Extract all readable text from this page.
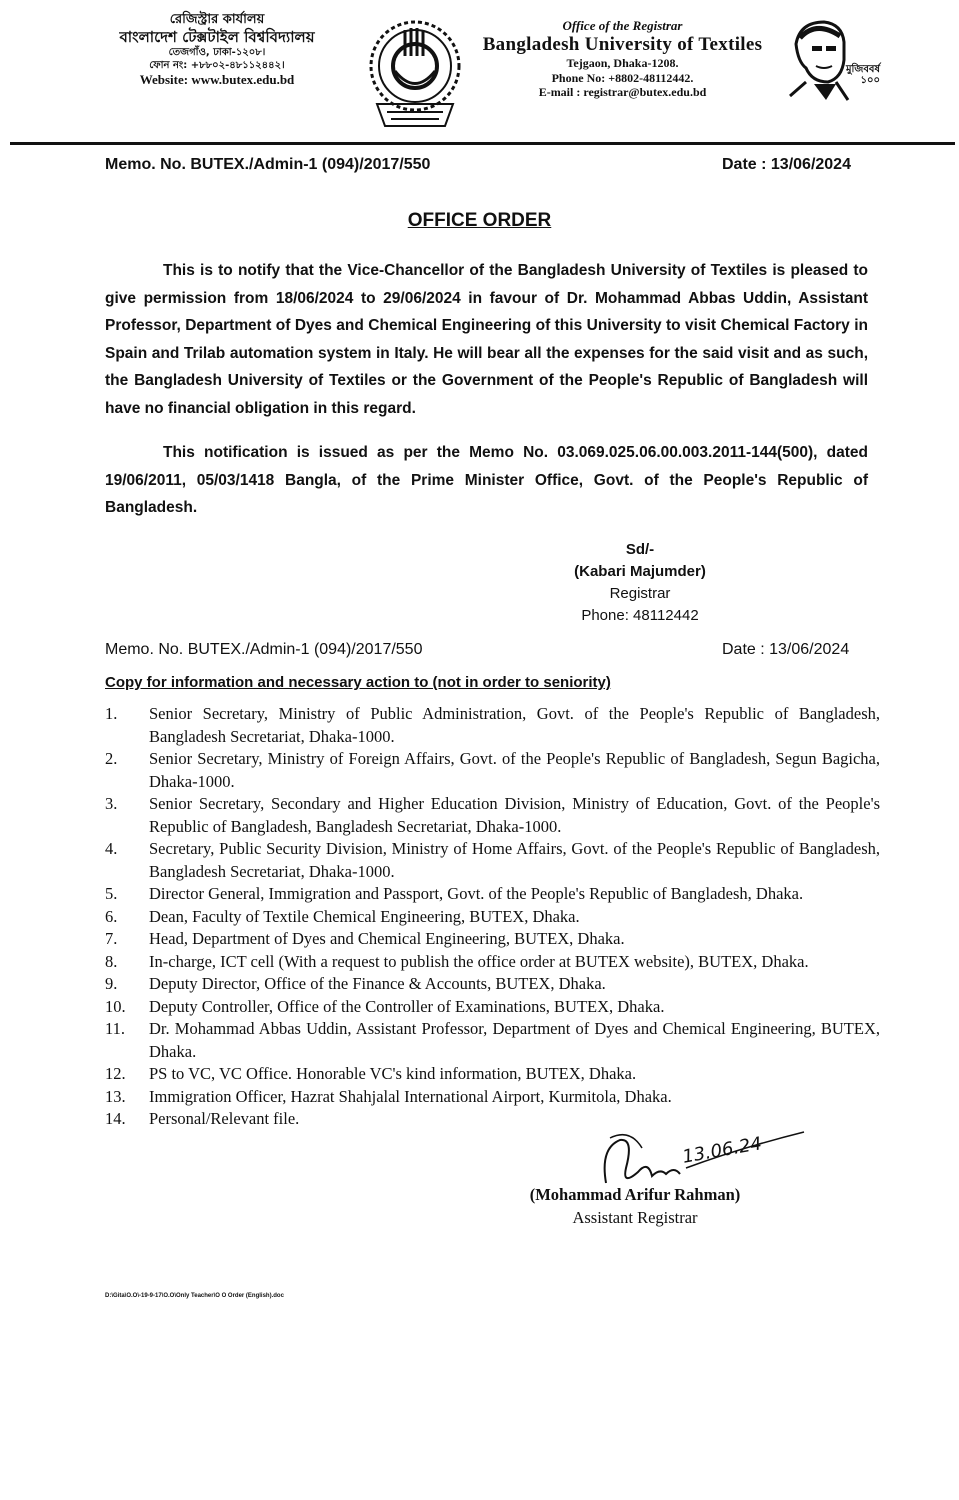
রেজিস্ট্রার কার্যালয়
বাংলাদেশ টেক্সটাইল বিশ্ববিদ্যালয়
তেজগাঁও, ঢাকা-১২০৮।
ফোন নং: +৮৮০২-৪৮১১২৪৪২।
Website: www.butex.edu.bd
Office of the Registrar
Bangladesh University of Textiles
Tejgaon, Dhaka-1208.
Phone No: +8802-48112442.
E-mail : registrar@butex.edu.bd
মুজিববর্ষ ১০০
Memo. No. BUTEX./Admin-1 (094)/2017/550	Date : 13/06/2024
OFFICE ORDER
This is to notify that the Vice-Chancellor of the Bangladesh University of Textiles is pleased to give permission from 18/06/2024 to 29/06/2024 in favour of Dr. Mohammad Abbas Uddin, Assistant Professor, Department of Dyes and Chemical Engineering of this University to visit Chemical Factory in Spain and Trilab automation system in Italy. He will bear all the expenses for the said visit and as such, the Bangladesh University of Textiles or the Government of the People's Republic of Bangladesh will have no financial obligation in this regard.
This notification is issued as per the Memo No. 03.069.025.06.00.003.2011-144(500), dated 19/06/2011, 05/03/1418 Bangla, of the Prime Minister Office, Govt. of the People's Republic of Bangladesh.
Sd/-
(Kabari Majumder)
Registrar
Phone: 48112442
Memo. No. BUTEX./Admin-1 (094)/2017/550	Date : 13/06/2024
Copy for information and necessary action to (not in order to seniority)
1.	Senior Secretary, Ministry of Public Administration, Govt. of the People's Republic of Bangladesh, Bangladesh Secretariat, Dhaka-1000.
2.	Senior Secretary, Ministry of Foreign Affairs, Govt. of the People's Republic of Bangladesh, Segun Bagicha, Dhaka-1000.
3.	Senior Secretary, Secondary and Higher Education Division, Ministry of Education, Govt. of the People's Republic of Bangladesh, Bangladesh Secretariat, Dhaka-1000.
4.	Secretary, Public Security Division, Ministry of Home Affairs, Govt. of the People's Republic of Bangladesh, Bangladesh Secretariat, Dhaka-1000.
5.	Director General, Immigration and Passport, Govt. of the People's Republic of Bangladesh, Dhaka.
6.	Dean, Faculty of Textile Chemical Engineering, BUTEX, Dhaka.
7.	Head, Department of Dyes and Chemical Engineering, BUTEX, Dhaka.
8.	In-charge, ICT cell (With a request to publish the office order at BUTEX website), BUTEX, Dhaka.
9.	Deputy Director, Office of the Finance & Accounts, BUTEX, Dhaka.
10.	Deputy Controller, Office of the Controller of Examinations, BUTEX, Dhaka.
11.	Dr. Mohammad Abbas Uddin, Assistant Professor, Department of Dyes and Chemical Engineering, BUTEX, Dhaka.
12.	PS to VC, VC Office. Honorable VC's kind information, BUTEX, Dhaka.
13.	Immigration Officer, Hazrat Shahjalal International Airport, Kurmitola, Dhaka.
14.	Personal/Relevant file.
13.06.24
(Mohammad Arifur Rahman)
Assistant Registrar
D:\Gita\O.O\-19-9-17\O.O\Only Teacher\O O Order (English).doc
